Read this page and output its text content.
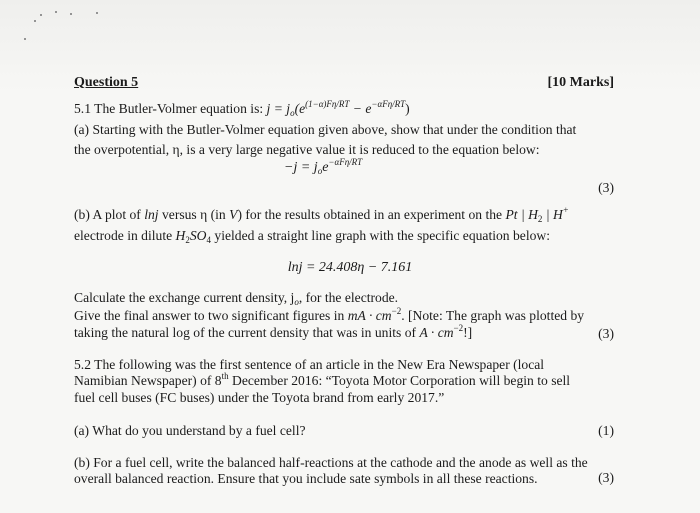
Question 5	[10 Marks]
5.1 The Butler-Volmer equation is: $j = j_o(e^{(1-\alpha)F\eta/RT} - e^{-\alpha F\eta/RT})$
(a) Starting with the Butler-Volmer equation given above, show that under the condition that
the overpotential, η, is a very large negative value it is reduced to the equation below:
$-j = j_oe^{-\alpha F\eta/RT}$
(3)
(b) A plot of lnj versus η (in V) for the results obtained in an experiment on the Pt | $H_2$ | H+
electrode in dilute $H_2SO_4$ yielded a straight line graph with the specific equation below:
lnj = 24.408η − 7.161
Calculate the exchange current density, $j_o$, for the electrode.
Give the final answer to two significant figures in mA · $cm^{-2}$. [Note: The graph was plotted by
taking the natural log of the current density that was in units of $A \cdot cm^{-2}$!]	(3)
5.2 The following was the first sentence of an article in the New Era Newspaper (local
Namibian Newspaper) of 8th December 2016: “Toyota Motor Corporation will begin to sell
fuel cell buses (FC buses) under the Toyota brand from early 2017.”
(a) What do you understand by a fuel cell?	(1)
(b) For a fuel cell, write the balanced half-reactions at the cathode and the anode as well as the
overall balanced reaction. Ensure that you include sate symbols in all these reactions.	(3)
